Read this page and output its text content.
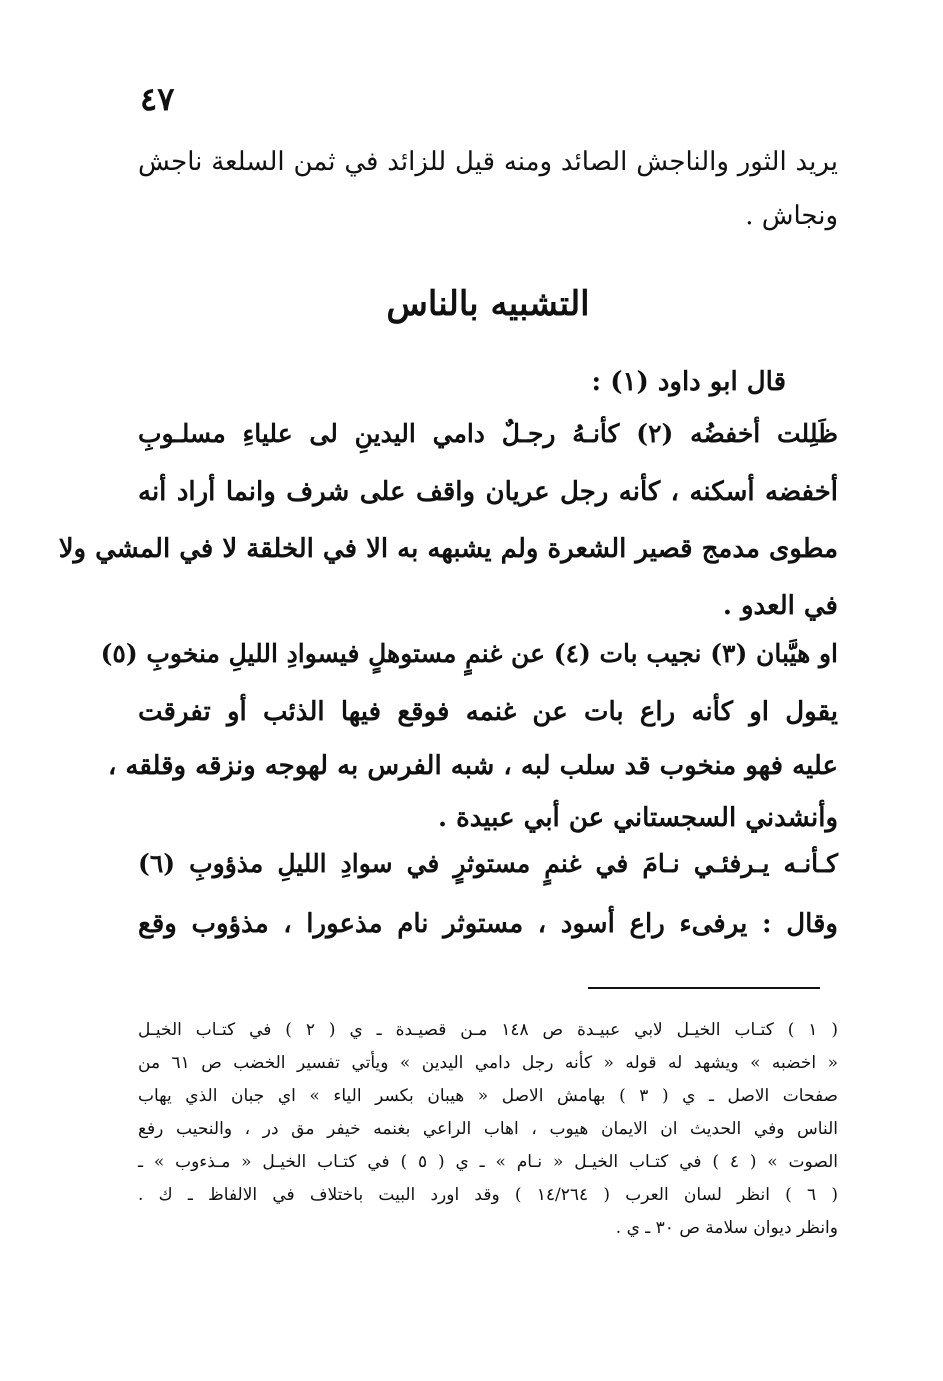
٤٧
يريد الثور والناجش الصائد ومنه قيل للزائد في ثمن السلعة ناجش
ونجاش .
التشبيه بالناس
قال ابو داود (١) :
ظَلِلت أخفضُه (٢) كأنـهُ رجـلٌ دامي اليدينِ لى علياءِ مسلـوبِ
أخفضه أسكنه ، كأنه رجل عريان واقف على شرف وانما أراد أنه
مطوى مدمج قصير الشعرة ولم يشبهه به الا في الخلقة لا في المشي ولا
في العدو .
او هيَّبان (٣) نجيب بات (٤) عن غنمٍ مستوهلٍ فيسوادِ الليلِ منخوبِ (٥)
يقول او كأنه راع بات عن غنمه فوقع فيها الذئب أو تفرقت
عليه فهو منخوب قد سلب لبه ، شبه الفرس به لهوجه ونزقه وقلقه ،
وأنشدني السجستاني عن أبي عبيدة .
كـأنـه يـرفئـي نـامَ في غنمٍ مستوثرٍ في سوادِ الليلِ مذؤوبِ (٦)
وقال : يرفىء راع أسود ، مستوثر نام مذعورا ، مذؤوب وقع
( ١ ) كتـاب الخيـل لابي عبيـدة ص ١٤٨ مـن قصيـدة ـ ي ( ٢ ) في كتـاب الخيـل
« اخضبه » ويشهد له قوله « كأنه رجل دامي اليدين » ويأتي تفسير الخضب ص ٦١ من
صفحات الاصل ـ ي ( ٣ ) بهامش الاصل « هيبان بكسر الياء » اي جبان الذي يهاب
الناس وفي الحديث ان الايمان هيوب ، اهاب الراعي بغنمه خيفر مق در ، والنحيب رفع
الصوت » ( ٤ ) في كتـاب الخيـل « نـام » ـ ي ( ٥ ) في كتـاب الخيـل « مـذءوب » ـ
( ٦ ) انظر لسان العرب ( ١٤/٢٦٤ ) وقد اورد البيت باختلاف في الالفاظ ـ ك .
وانظر ديوان سلامة ص ٣٠ ـ ي .
